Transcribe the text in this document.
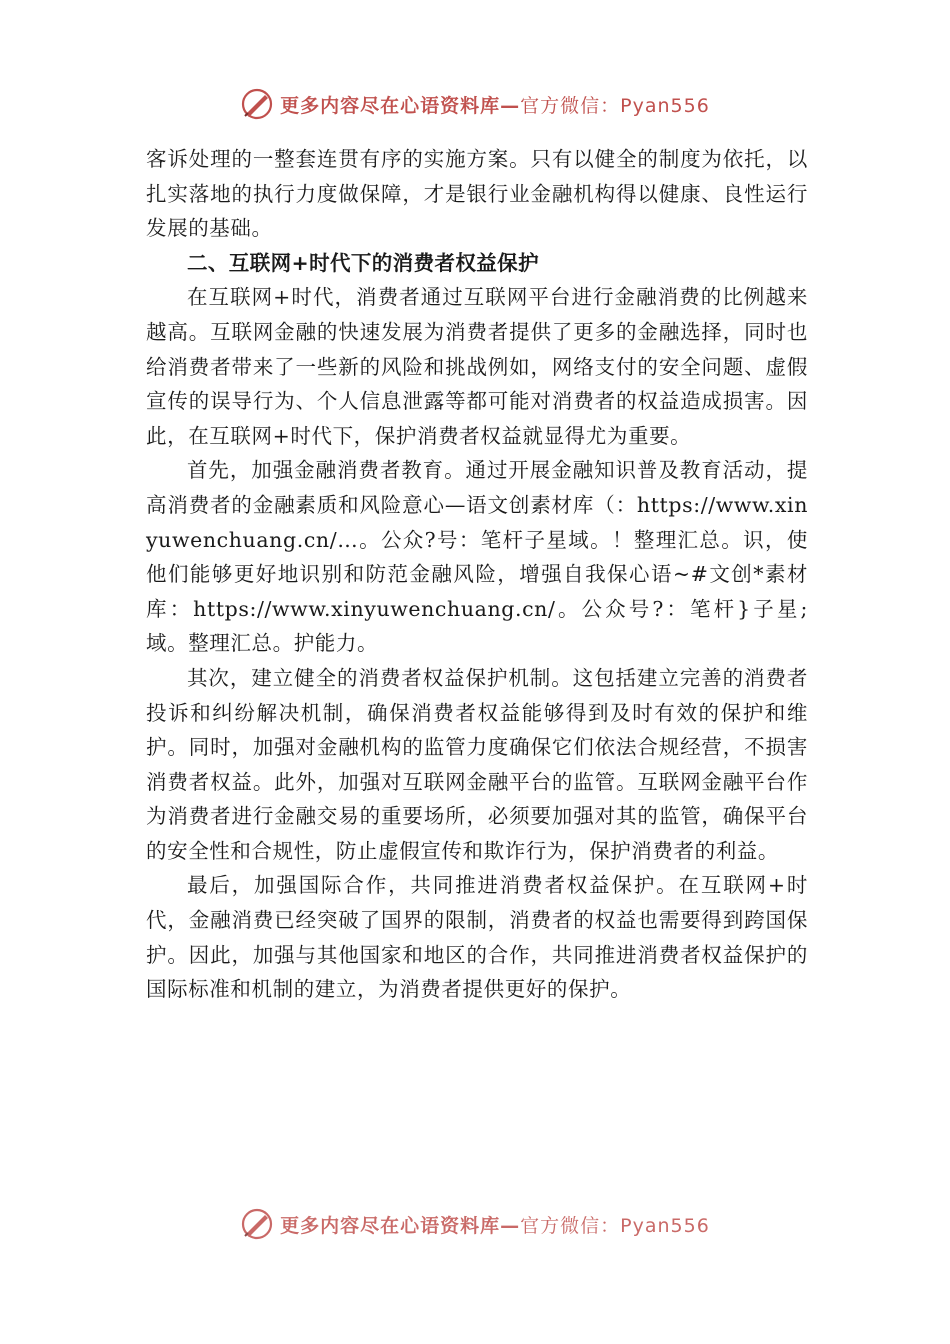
更多内容尽在心语资料库—官方微信：Pyan556

客诉处理的一整套连贯有序的实施方案。只有以健全的制度为依托，以扎实落地的执行力度做保障，才是银行业金融机构得以健康、良性运行发展的基础。

二、互联网+时代下的消费者权益保护

在互联网+时代，消费者通过互联网平台进行金融消费的比例越来越高。互联网金融的快速发展为消费者提供了更多的金融选择，同时也给消费者带来了一些新的风险和挑战例如，网络支付的安全问题、虚假宣传的误导行为、个人信息泄露等都可能对消费者的权益造成损害。因此，在互联网+时代下，保护消费者权益就显得尤为重要。

首先，加强金融消费者教育。通过开展金融知识普及教育活动，提高消费者的金融素质和风险意心—语文创素材库（：https://www.xinyuwenchuang.cn/…。公众?号：笔杆子星域。！整理汇总。识，使他们能够更好地识别和防范金融风险，增强自我保心语~#文创*素材库：https://www.xinyuwenchuang.cn/。公众号?：笔杆}子星;域。整理汇总。护能力。

其次，建立健全的消费者权益保护机制。这包括建立完善的消费者投诉和纠纷解决机制，确保消费者权益能够得到及时有效的保护和维护。同时，加强对金融机构的监管力度确保它们依法合规经营，不损害消费者权益。此外，加强对互联网金融平台的监管。互联网金融平台作为消费者进行金融交易的重要场所，必须要加强对其的监管，确保平台的安全性和合规性，防止虚假宣传和欺诈行为，保护消费者的利益。

最后，加强国际合作，共同推进消费者权益保护。在互联网+时代，金融消费已经突破了国界的限制，消费者的权益也需要得到跨国保护。因此，加强与其他国家和地区的合作，共同推进消费者权益保护的国际标准和机制的建立，为消费者提供更好的保护。

更多内容尽在心语资料库—官方微信：Pyan556
